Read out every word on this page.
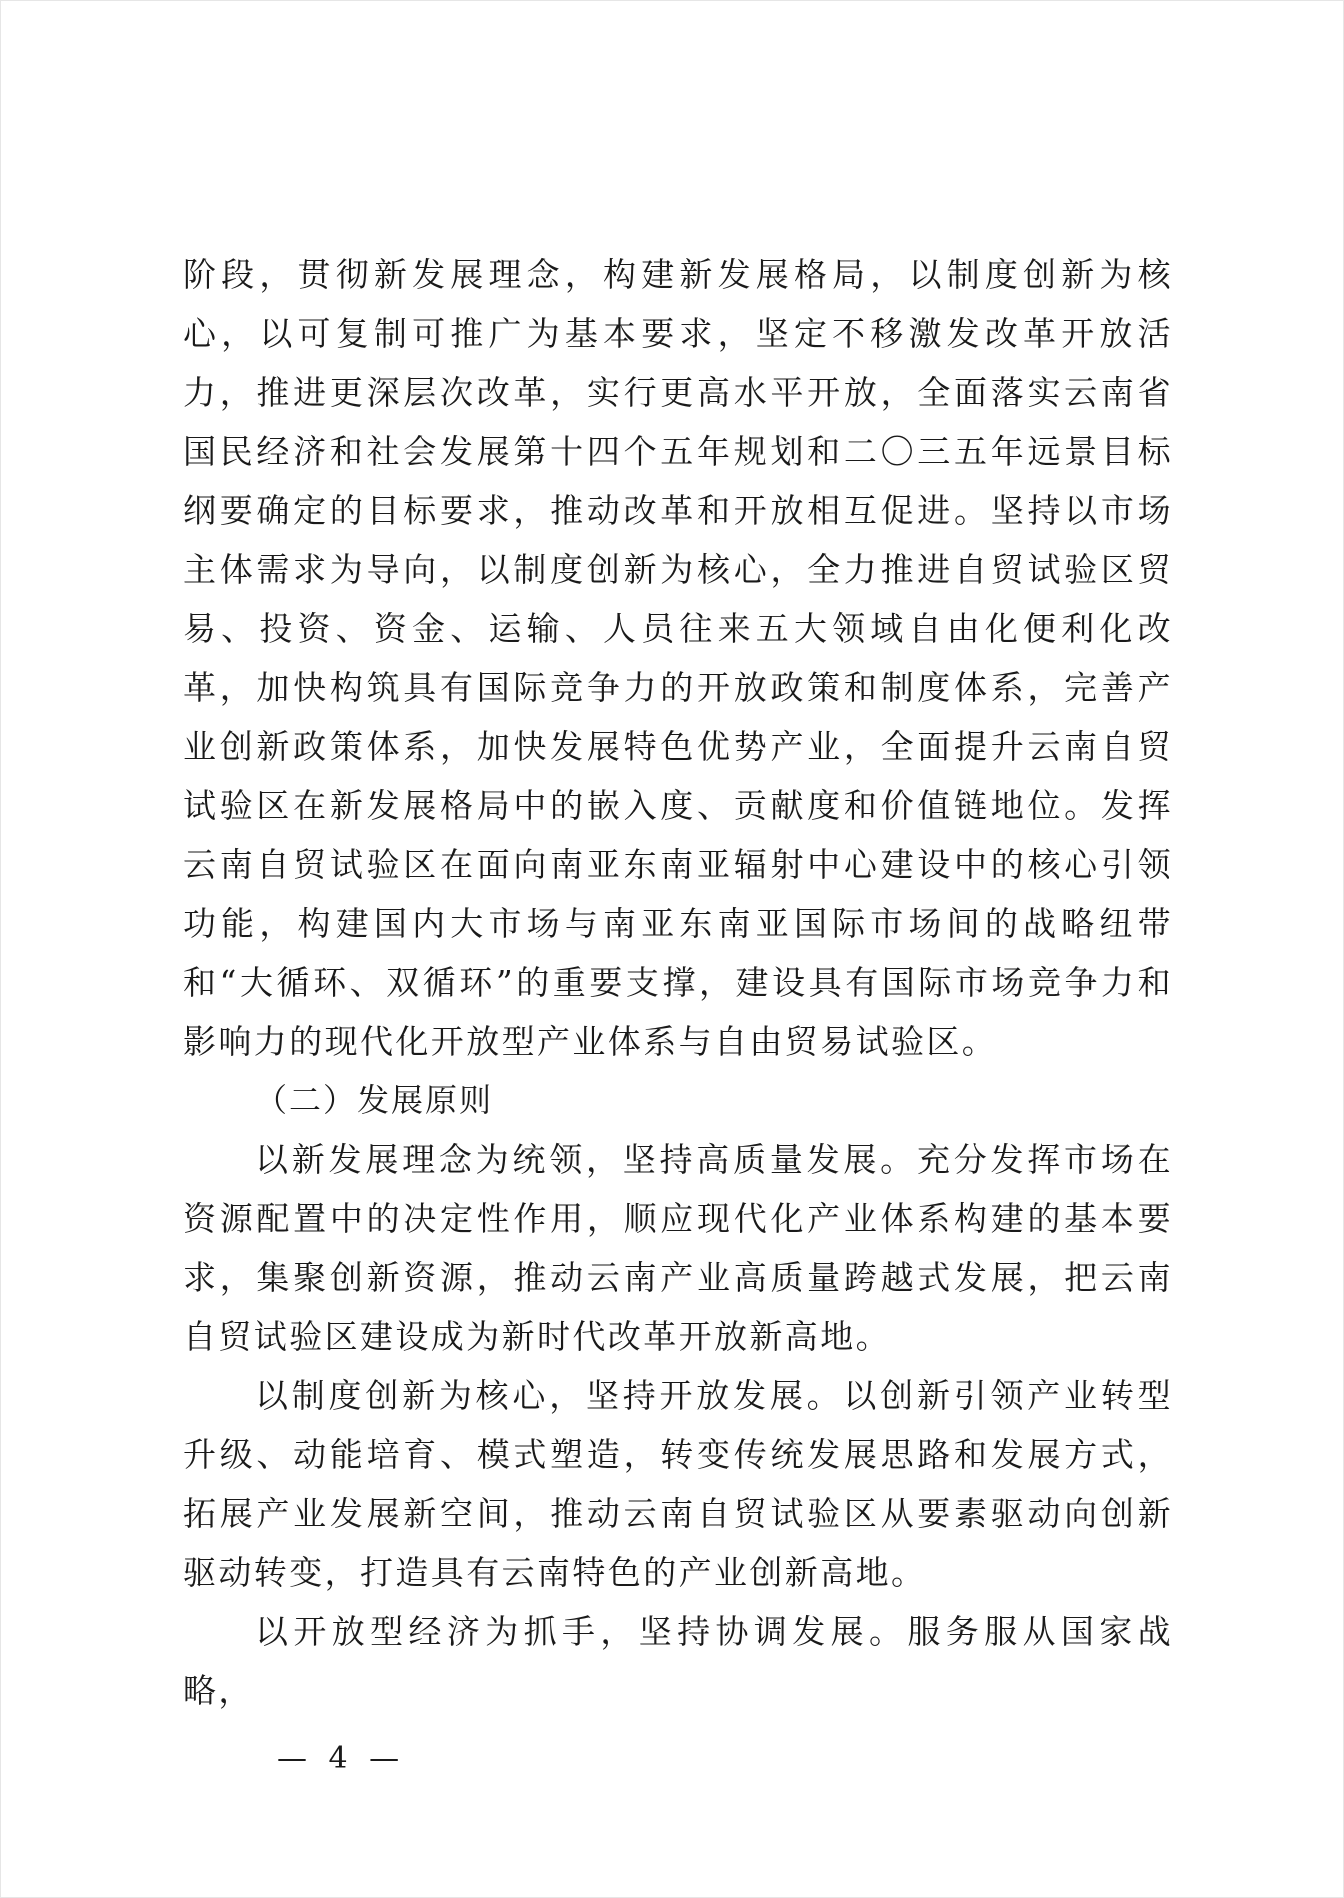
阶段，贯彻新发展理念，构建新发展格局，以制度创新为核心，以可复制可推广为基本要求，坚定不移激发改革开放活力，推进更深层次改革，实行更高水平开放，全面落实云南省国民经济和社会发展第十四个五年规划和二〇三五年远景目标纲要确定的目标要求，推动改革和开放相互促进。坚持以市场主体需求为导向，以制度创新为核心，全力推进自贸试验区贸易、投资、资金、运输、人员往来五大领域自由化便利化改革，加快构筑具有国际竞争力的开放政策和制度体系，完善产业创新政策体系，加快发展特色优势产业，全面提升云南自贸试验区在新发展格局中的嵌入度、贡献度和价值链地位。发挥云南自贸试验区在面向南亚东南亚辐射中心建设中的核心引领功能，构建国内大市场与南亚东南亚国际市场间的战略纽带和“大循环、双循环”的重要支撑，建设具有国际市场竞争力和影响力的现代化开放型产业体系与自由贸易试验区。

（二）发展原则

以新发展理念为统领，坚持高质量发展。充分发挥市场在资源配置中的决定性作用，顺应现代化产业体系构建的基本要求，集聚创新资源，推动云南产业高质量跨越式发展，把云南自贸试验区建设成为新时代改革开放新高地。

以制度创新为核心，坚持开放发展。以创新引领产业转型升级、动能培育、模式塑造，转变传统发展思路和发展方式，拓展产业发展新空间，推动云南自贸试验区从要素驱动向创新驱动转变，打造具有云南特色的产业创新高地。

以开放型经济为抓手，坚持协调发展。服务服从国家战略，

— 4 —
